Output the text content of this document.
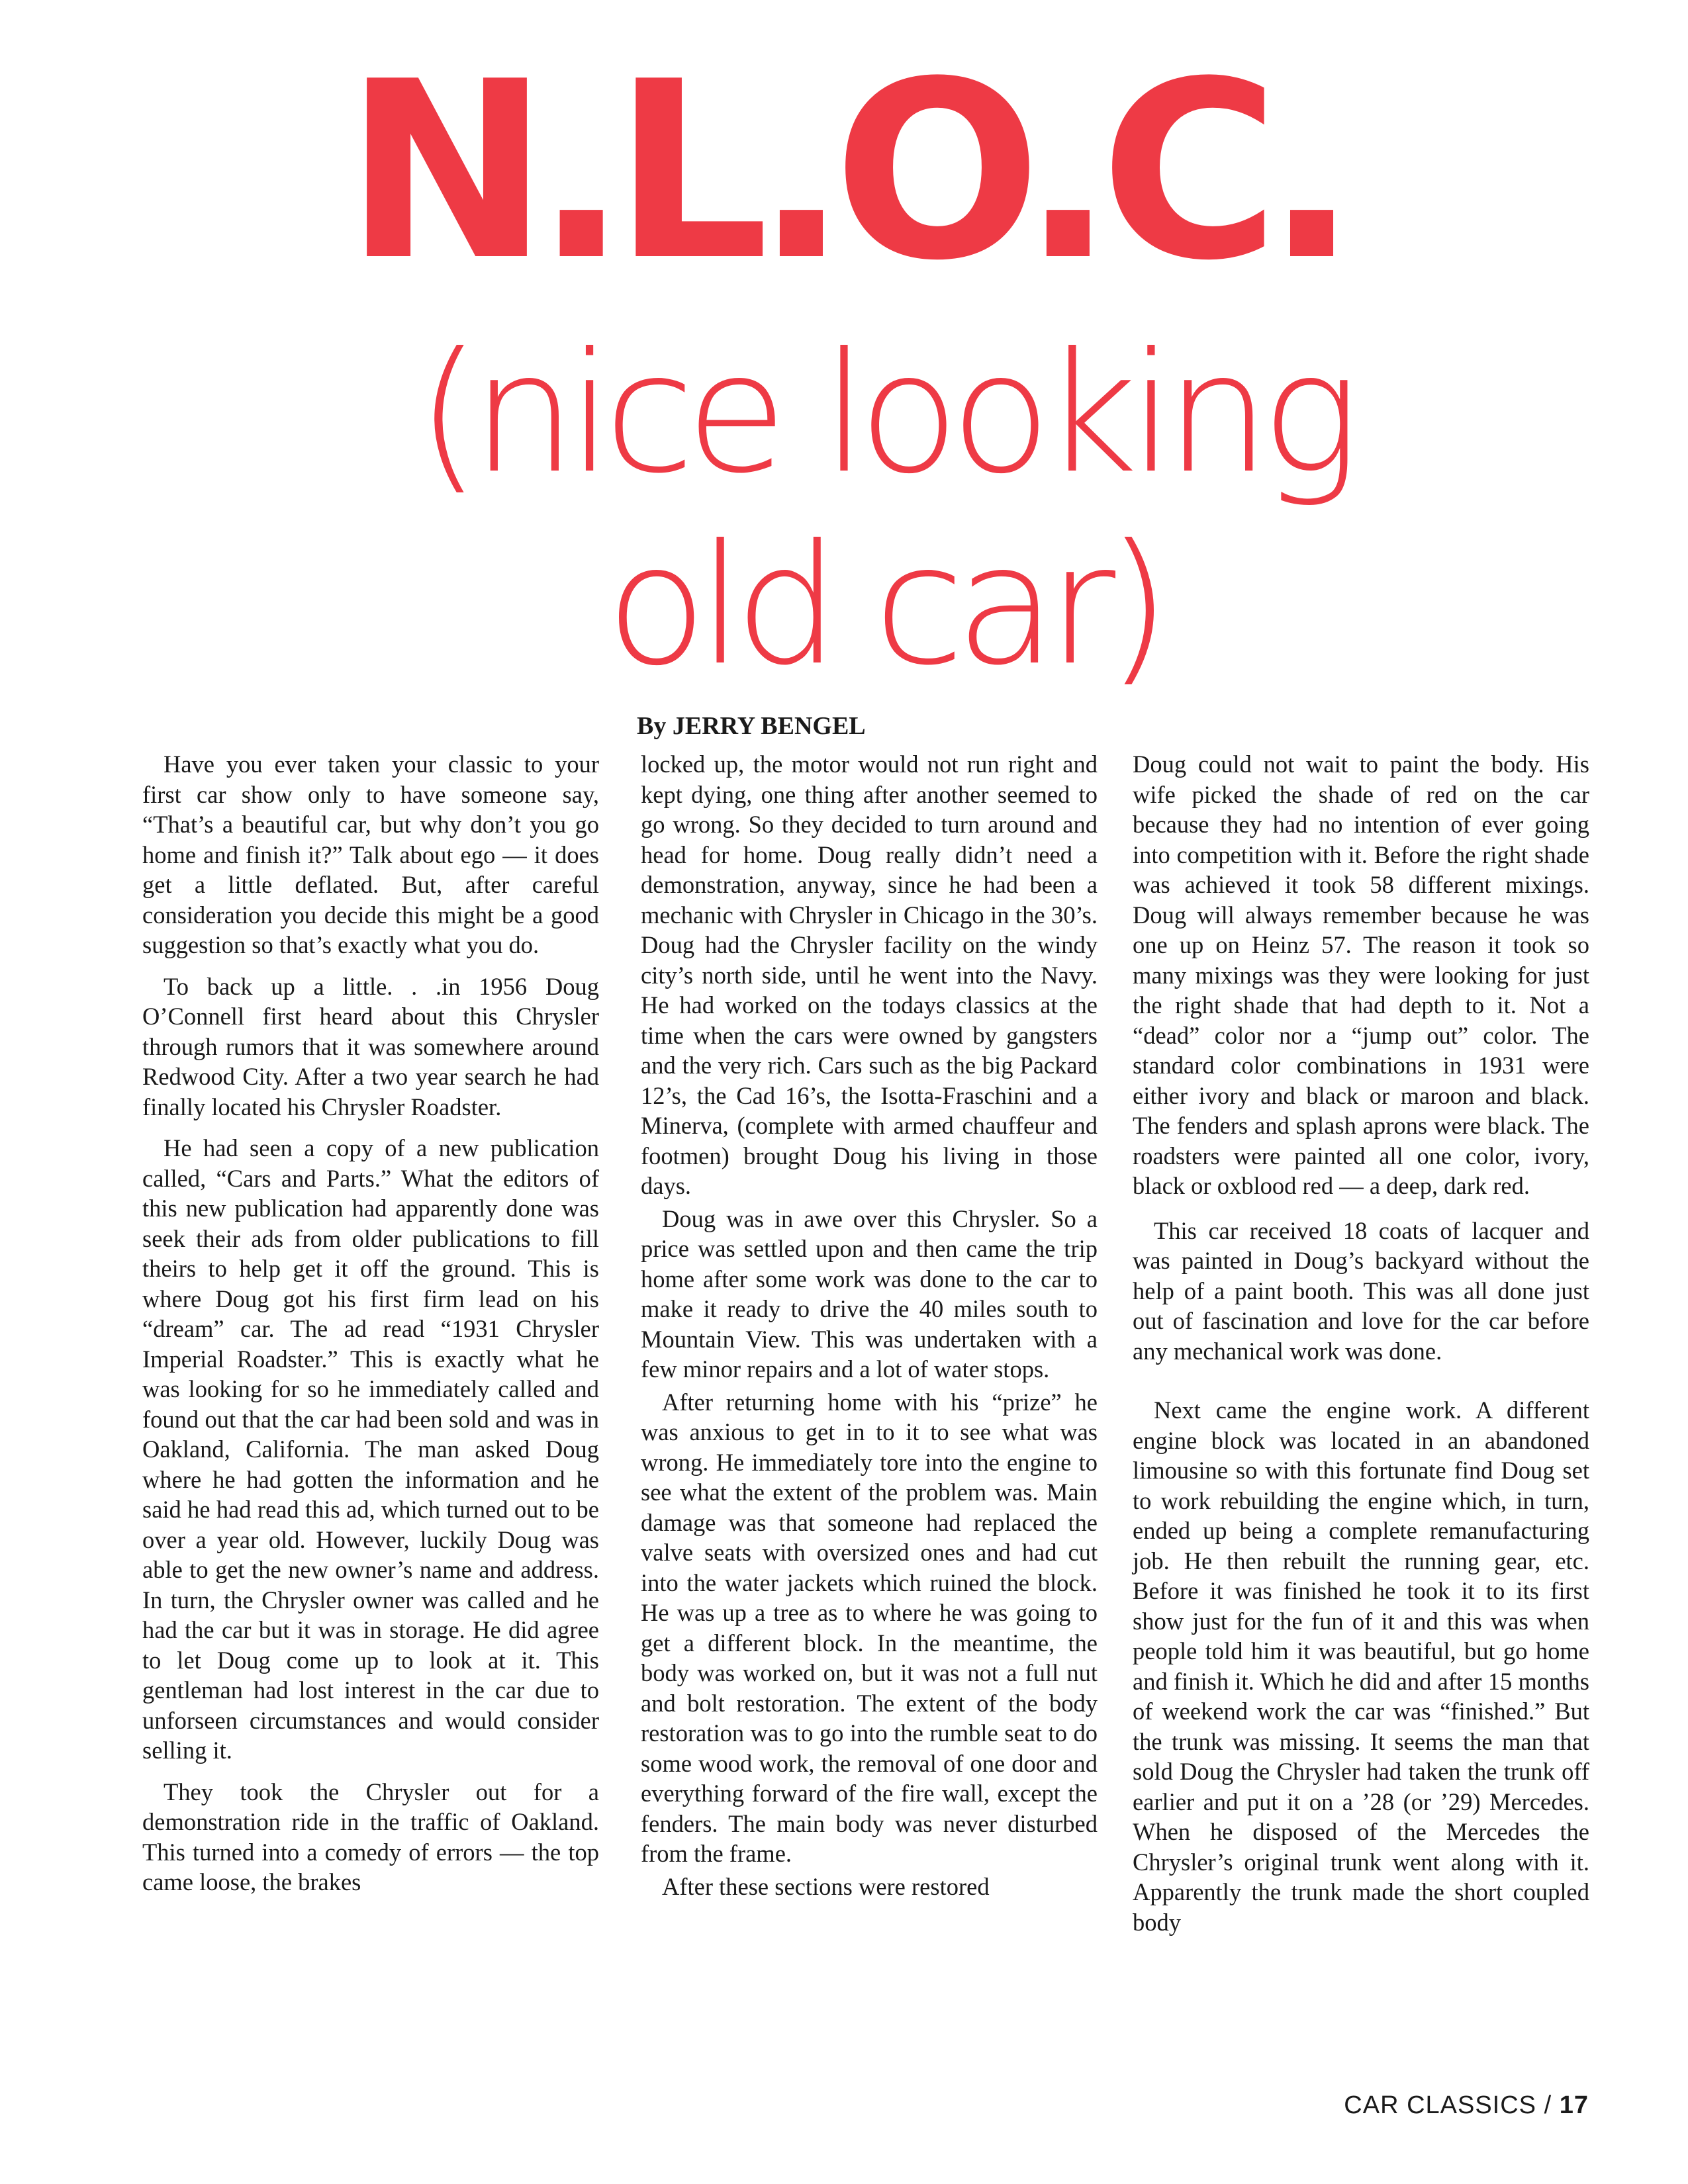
N.L.O.C.
(nice looking
old car)
By JERRY BENGEL

Have you ever taken your classic to your first car show only to have someone say, “That’s a beautiful car, but why don’t you go home and finish it?” Talk about ego — it does get a little deflated. But, after careful consideration you decide this might be a good suggestion so that’s exactly what you do.

To back up a little. . .in 1956 Doug O’Connell first heard about this Chrysler through rumors that it was somewhere around Redwood City. After a two year search he had finally located his Chrysler Roadster.

He had seen a copy of a new publication called, “Cars and Parts.” What the editors of this new publication had apparently done was seek their ads from older publications to fill theirs to help get it off the ground. This is where Doug got his first firm lead on his “dream” car. The ad read “1931 Chrysler Imperial Roadster.” This is exactly what he was looking for so he immediately called and found out that the car had been sold and was in Oakland, California. The man asked Doug where he had gotten the information and he said he had read this ad, which turned out to be over a year old. However, luckily Doug was able to get the new owner’s name and address. In turn, the Chrysler owner was called and he had the car but it was in storage. He did agree to let Doug come up to look at it. This gentleman had lost interest in the car due to unforseen circumstances and would consider selling it.

They took the Chrysler out for a demonstration ride in the traffic of Oakland. This turned into a comedy of errors — the top came loose, the brakes

locked up, the motor would not run right and kept dying, one thing after another seemed to go wrong. So they decided to turn around and head for home. Doug really didn’t need a demonstration, anyway, since he had been a mechanic with Chrysler in Chicago in the 30’s. Doug had the Chrysler facility on the windy city’s north side, until he went into the Navy. He had worked on the todays classics at the time when the cars were owned by gangsters and the very rich. Cars such as the big Packard 12’s, the Cad 16’s, the Isotta-Fraschini and a Minerva, (complete with armed chauffeur and footmen) brought Doug his living in those days.

Doug was in awe over this Chrysler. So a price was settled upon and then came the trip home after some work was done to the car to make it ready to drive the 40 miles south to Mountain View. This was undertaken with a few minor repairs and a lot of water stops.

After returning home with his “prize” he was anxious to get in to it to see what was wrong. He immediately tore into the engine to see what the extent of the problem was. Main damage was that someone had replaced the valve seats with oversized ones and had cut into the water jackets which ruined the block. He was up a tree as to where he was going to get a different block. In the meantime, the body was worked on, but it was not a full nut and bolt restoration. The extent of the body restoration was to go into the rumble seat to do some wood work, the removal of one door and everything forward of the fire wall, except the fenders. The main body was never disturbed from the frame.

After these sections were restored

Doug could not wait to paint the body. His wife picked the shade of red on the car because they had no intention of ever going into competition with it. Before the right shade was achieved it took 58 different mixings. Doug will always remember because he was one up on Heinz 57. The reason it took so many mixings was they were looking for just the right shade that had depth to it. Not a “dead” color nor a “jump out” color. The standard color combinations in 1931 were either ivory and black or maroon and black. The fenders and splash aprons were black. The roadsters were painted all one color, ivory, black or oxblood red — a deep, dark red.

This car received 18 coats of lacquer and was painted in Doug’s backyard without the help of a paint booth. This was all done just out of fascination and love for the car before any mechanical work was done.

Next came the engine work. A different engine block was located in an abandoned limousine so with this fortunate find Doug set to work rebuilding the engine which, in turn, ended up being a complete remanufacturing job. He then rebuilt the running gear, etc. Before it was finished he took it to its first show just for the fun of it and this was when people told him it was beautiful, but go home and finish it. Which he did and after 15 months of weekend work the car was “finished.” But the trunk was missing. It seems the man that sold Doug the Chrysler had taken the trunk off earlier and put it on a ’28 (or ’29) Mercedes. When he disposed of the Mercedes the Chrysler’s original trunk went along with it. Apparently the trunk made the short coupled body

CAR CLASSICS / 17
